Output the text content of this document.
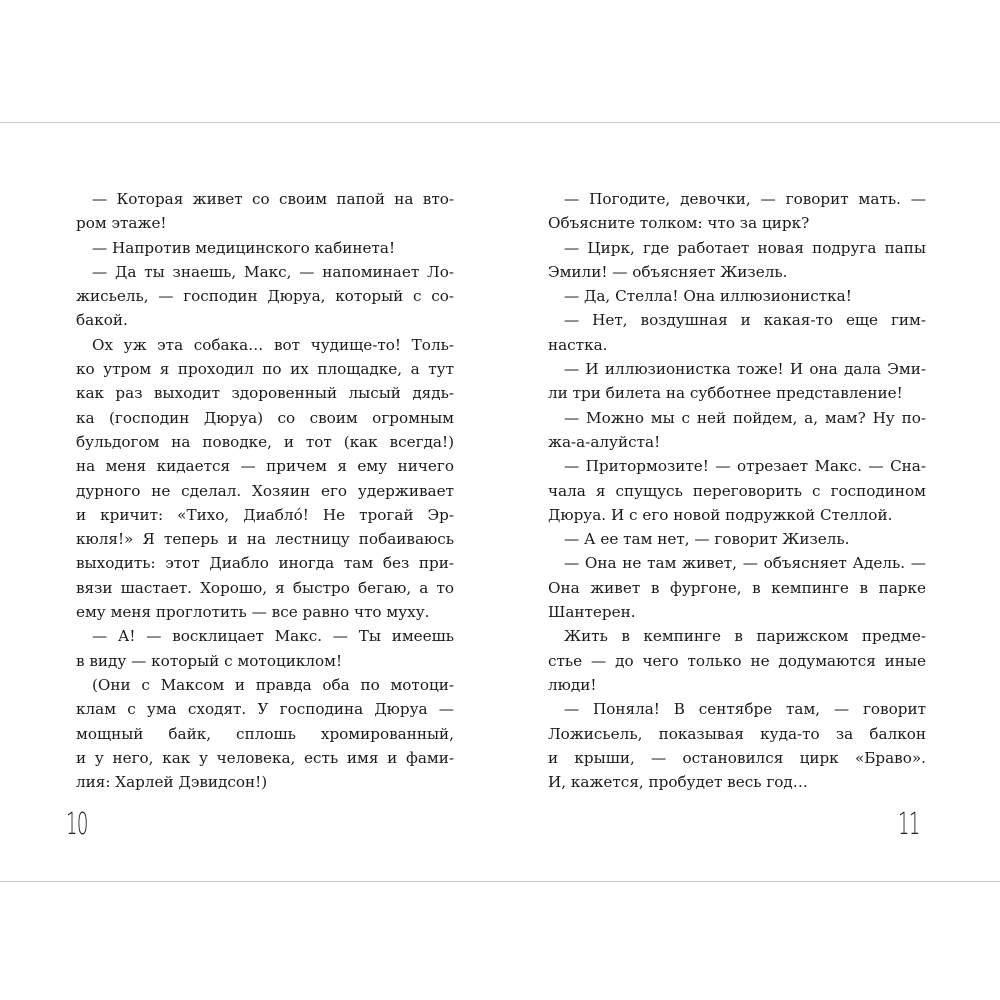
— Которая живет со своим папой на вто-
ром этаже!
— Напротив медицинского кабинета!
— Да ты знаешь, Макс, — напоминает Ло-
жисьель, — господин Дюруа, который с со-
бакой.
Ох уж эта собака… вот чудище-то! Толь-
ко утром я проходил по их площадке, а тут
как раз выходит здоровенный лысый дядь-
ка (господин Дюруа) со своим огромным
бульдогом на поводке, и тот (как всегда!)
на меня кидается — причем я ему ничего
дурного не сделал. Хозяин его удерживает
и кричит: «Тихо, Диабло́! Не трогай Эр-
кюля!» Я теперь и на лестницу побаиваюсь
выходить: этот Диабло иногда там без при-
вязи шастает. Хорошо, я быстро бегаю, а то
ему меня проглотить — все равно что муху.
— А! — восклицает Макс. — Ты имеешь
в виду — который с мотоциклом!
(Они с Максом и правда оба по мотоци-
клам с ума сходят. У господина Дюруа —
мощный байк, сплошь хромированный,
и у него, как у человека, есть имя и фами-
лия: Харлей Дэвидсон!)
— Погодите, девочки, — говорит мать. —
Объясните толком: что за цирк?
— Цирк, где работает новая подруга папы
Эмили! — объясняет Жизель.
— Да, Стелла! Она иллюзионистка!
— Нет, воздушная и какая-то еще гим-
настка.
— И иллюзионистка тоже! И она дала Эми-
ли три билета на субботнее представление!
— Можно мы с ней пойдем, а, мам? Ну по-
жа-а-алуйста!
— Притормозите! — отрезает Макс. — Сна-
чала я спущусь переговорить с господином
Дюруа. И с его новой подружкой Стеллой.
— А ее там нет, — говорит Жизель.
— Она не там живет, — объясняет Адель. —
Она живет в фургоне, в кемпинге в парке
Шантерен.
Жить в кемпинге в парижском предме-
стье — до чего только не додумаются иные
люди!
— Поняла! В сентябре там, — говорит
Ложисьель, показывая куда-то за балкон
и крыши, — остановился цирк «Браво».
И, кажется, пробудет весь год…
10	11
